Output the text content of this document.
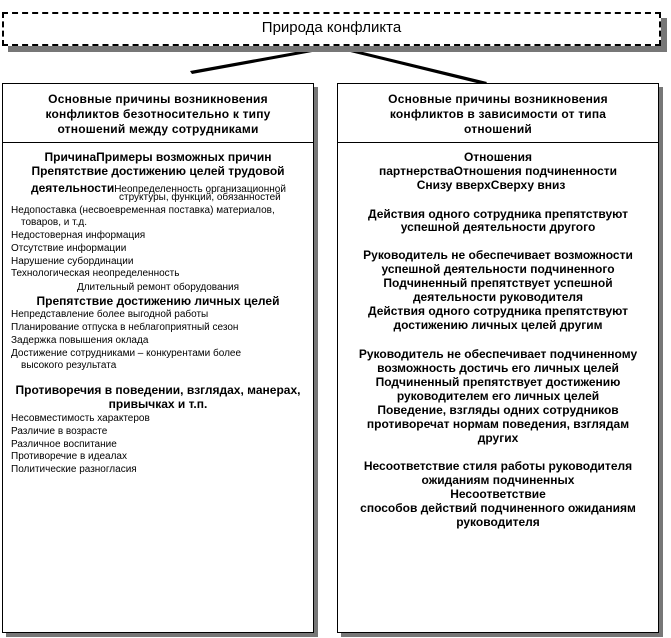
Природа конфликта
Основные причины возникновения
конфликтов безотносительно к типу
отношений между сотрудниками
ПричинаПримеры возможных причин
Препятствие достижению целей трудовой
деятельностиНеопределенность организационной
структуры, функций, обязанностей
Недопоставка (несвоевременная поставка) материалов,
товаров, и т.д.
Недостоверная информация
Отсутствие информации
Нарушение субординации
Технологическая неопределенность
Длительный ремонт оборудования
Препятствие достижению личных целей
Непредставление более выгодной работы
Планирование отпуска в неблагоприятный сезон
Задержка повышения оклада
Достижение сотрудниками – конкурентами более
высокого результата
Противоречия в поведении, взглядах, манерах,
привычках и т.п.
Несовместимость характеров
Различие в возрасте
Различное воспитание
Противоречие в идеалах
Политические разногласия
Основные причины возникновения
конфликтов в зависимости от типа
отношений
Отношения
партнерстваОтношения подчиненности
Снизу вверхСверху вниз
Действия одного сотрудника препятствуют
успешной деятельности другого
Руководитель не обеспечивает возможности
успешной деятельности подчиненного
Подчиненный препятствует успешной
деятельности руководителя
Действия одного сотрудника препятствуют
достижению личных целей другим
Руководитель не обеспечивает подчиненному
возможность достичь его личных целей
Подчиненный препятствует достижению
руководителем его личных целей
Поведение, взгляды одних сотрудников
противоречат нормам поведения, взглядам
других
Несоответствие стиля работы руководителя
ожиданиям подчиненных
Несоответствие
способов действий подчиненного ожиданиям
руководителя
